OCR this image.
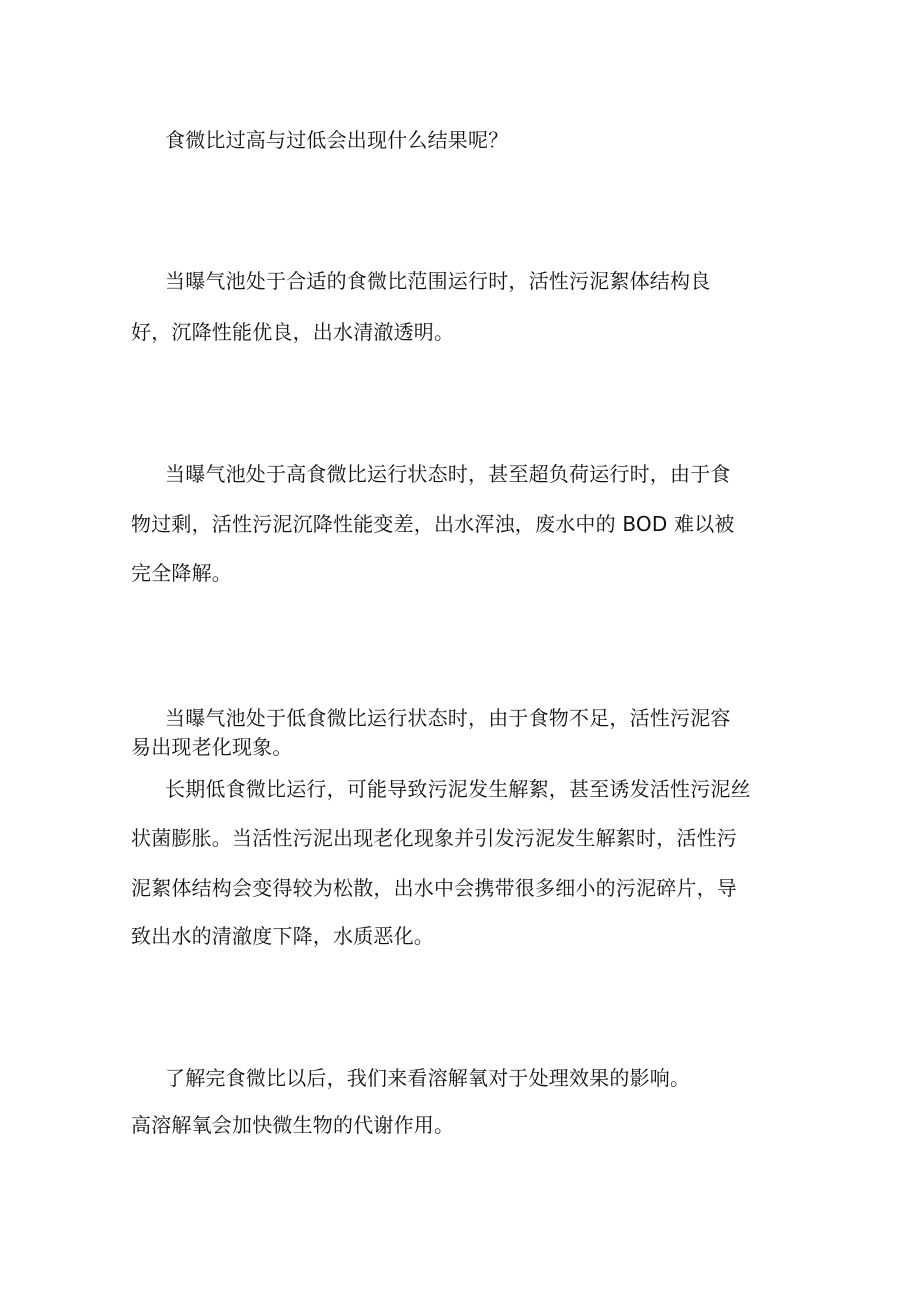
食微比过高与过低会出现什么结果呢？
当曝气池处于合适的食微比范围运行时，活性污泥絮体结构良
好，沉降性能优良，出水清澈透明。
当曝气池处于高食微比运行状态时，甚至超负荷运行时，由于食
物过剩，活性污泥沉降性能变差，出水浑浊，废水中的 BOD 难以被
完全降解。
当曝气池处于低食微比运行状态时，由于食物不足，活性污泥容
易出现老化现象。
长期低食微比运行，可能导致污泥发生解絮，甚至诱发活性污泥丝
状菌膨胀。当活性污泥出现老化现象并引发污泥发生解絮时，活性污
泥絮体结构会变得较为松散，出水中会携带很多细小的污泥碎片，导
致出水的清澈度下降，水质恶化。
了解完食微比以后，我们来看溶解氧对于处理效果的影响。
高溶解氧会加快微生物的代谢作用。
